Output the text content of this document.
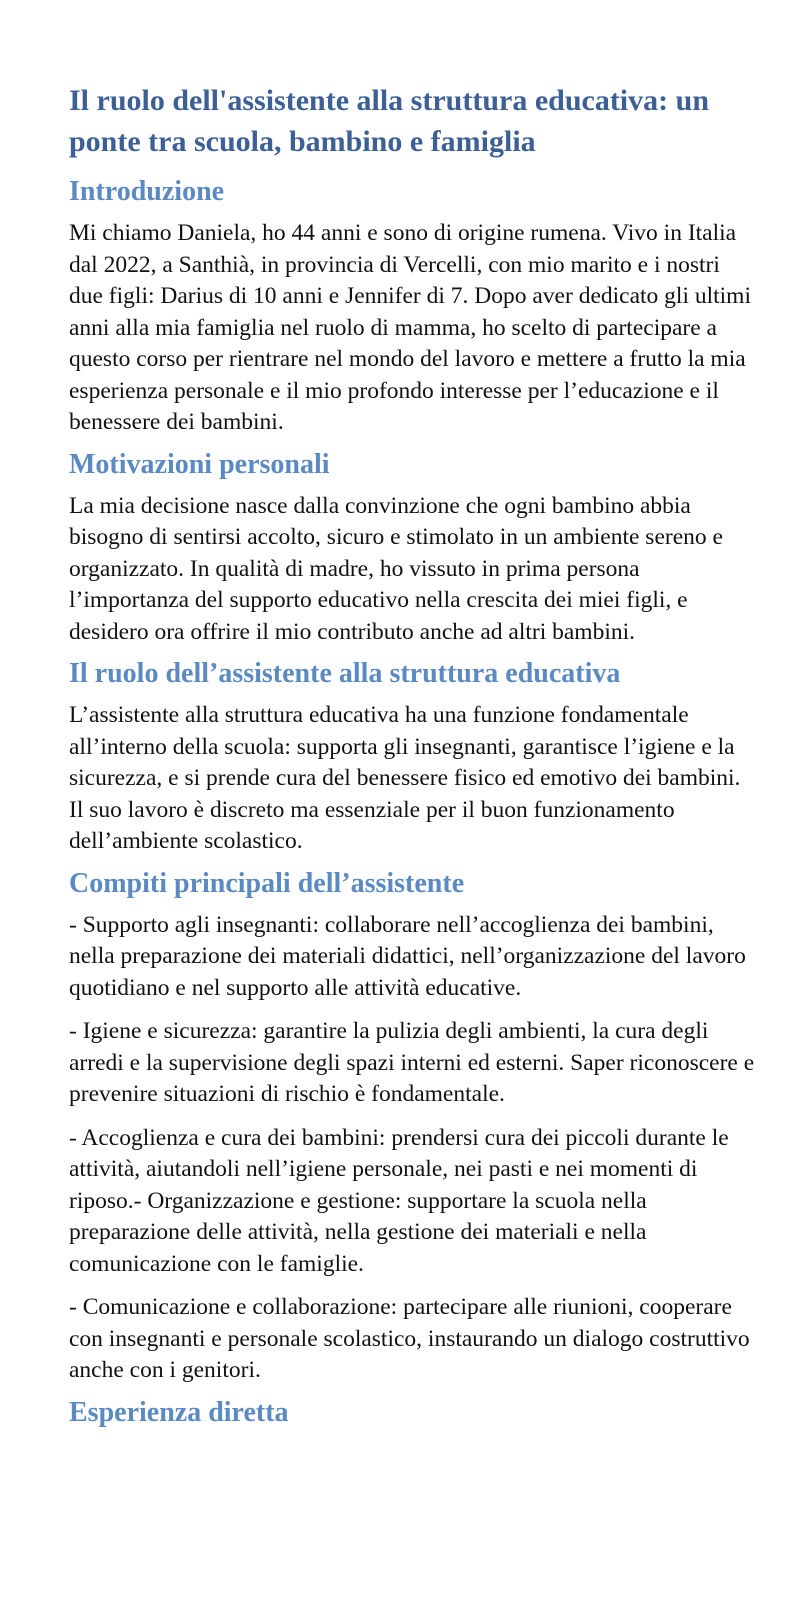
Il ruolo dell'assistente alla struttura educativa: un ponte tra scuola, bambino e famiglia
Introduzione

Mi chiamo Daniela, ho 44 anni e sono di origine rumena. Vivo in Italia dal 2022, a Santhià, in provincia di Vercelli, con mio marito e i nostri due figli: Darius di 10 anni e Jennifer di 7. Dopo aver dedicato gli ultimi anni alla mia famiglia nel ruolo di mamma, ho scelto di partecipare a questo corso per rientrare nel mondo del lavoro e mettere a frutto la mia esperienza personale e il mio profondo interesse per l’educazione e il benessere dei bambini.

Motivazioni personali

La mia decisione nasce dalla convinzione che ogni bambino abbia bisogno di sentirsi accolto, sicuro e stimolato in un ambiente sereno e organizzato. In qualità di madre, ho vissuto in prima persona l’importanza del supporto educativo nella crescita dei miei figli, e desidero ora offrire il mio contributo anche ad altri bambini.

Il ruolo dell’assistente alla struttura educativa

L’assistente alla struttura educativa ha una funzione fondamentale all’interno della scuola: supporta gli insegnanti, garantisce l’igiene e la sicurezza, e si prende cura del benessere fisico ed emotivo dei bambini. Il suo lavoro è discreto ma essenziale per il buon funzionamento dell’ambiente scolastico.

Compiti principali dell’assistente

- Supporto agli insegnanti: collaborare nell’accoglienza dei bambini, nella preparazione dei materiali didattici, nell’organizzazione del lavoro quotidiano e nel supporto alle attività educative.

- Igiene e sicurezza: garantire la pulizia degli ambienti, la cura degli arredi e la supervisione degli spazi interni ed esterni. Saper riconoscere e prevenire situazioni di rischio è fondamentale.

- Accoglienza e cura dei bambini: prendersi cura dei piccoli durante le attività, aiutandoli nell’igiene personale, nei pasti e nei momenti di riposo.- Organizzazione e gestione: supportare la scuola nella preparazione delle attività, nella gestione dei materiali e nella comunicazione con le famiglie.

- Comunicazione e collaborazione: partecipare alle riunioni, cooperare con insegnanti e personale scolastico, instaurando un dialogo costruttivo anche con i genitori.

Esperienza diretta
